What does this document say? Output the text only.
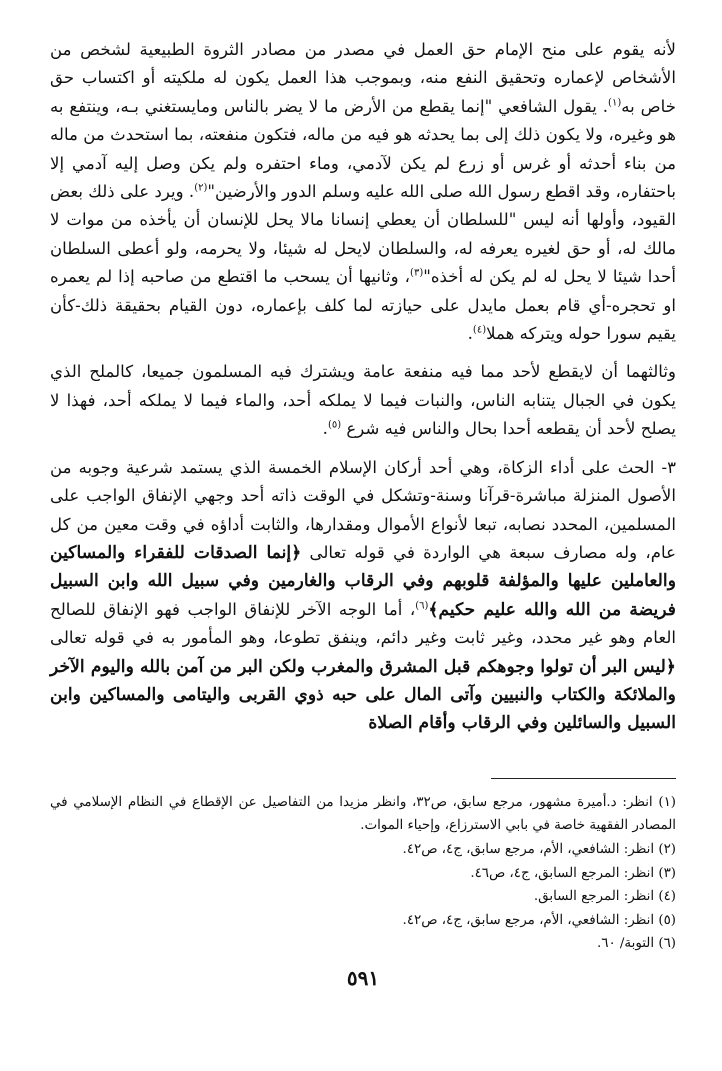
لأنه يقوم على منح الإمام حق العمل في مصدر من مصادر الثروة الطبيعية لشخص من الأشخاص لإعماره وتحقيق النفع منه، وبموجب هذا العمل يكون له ملكيته أو اكتساب حق خاص به$^{(١)}$. يقول الشافعي "إنما يقطع من الأرض ما لا يضر بالناس ومايستغني بـه، وينتفع به هو وغيره، ولا يكون ذلك إلى بما يحدثه هو فيه من ماله، فتكون منفعته، بما استحدث من ماله من بناء أحدثه أو غرس أو زرع لم يكن لآدمي، وماء احتفره ولم يكن وصل إليه آدمي إلا باحتفاره، وقد اقطع رسول الله صلى الله عليه وسلم الدور والأرضين"$^{(٢)}$. ويرد على ذلك بعض القيود، وأولها أنه ليس "للسلطان أن يعطي إنسانا مالا يحل للإنسان أن يأخذه من موات لا مالك له، أو حق لغيره يعرفه له، والسلطان لايحل له شيئا، ولا يحرمه، ولو أعطى السلطان أحدا شيئا لا يحل له لم يكن له أخذه"$^{(٣)}$، وثانيها أن يسحب ما اقتطع من صاحبه إذا لم يعمره او تحجره-أي قام بعمل مايدل على حيازته لما كلف بإعماره، دون القيام بحقيقة ذلك-كأن يقيم سورا حوله ويتركه هملا$^{(٤)}$.

وثالثهما أن لايقطع لأحد مما فيه منفعة عامة ويشترك فيه المسلمون جميعا، كالملح الذي يكون في الجبال يتنابه الناس، والنبات فيما لا يملكه أحد، والماء فيما لا يملكه أحد، فهذا لا يصلح لأحد أن يقطعه أحدا بحال والناس فيه شرع $^{(٥)}$.

٣- الحث على أداء الزكاة، وهي أحد أركان الإسلام الخمسة الذي يستمد شرعية وجوبه من الأصول المنزلة مباشرة-قرآنا وسنة-وتشكل في الوقت ذاته أحد وجهي الإنفاق الواجب على المسلمين، المحدد نصابه، تبعا لأنواع الأموال ومقدارها، والثابت أداؤه في وقت معين من كل عام، وله مصارف سبعة هي الواردة في قوله تعالى ﴿إنما الصدقات للفقراء والمساكين والعاملين عليها والمؤلفة قلوبهم وفي الرقاب والغارمين وفي سبيل الله وابن السبيل فريضة من الله والله عليم حكيم﴾$^{(٦)}$، أما الوجه الآخر للإنفاق الواجب فهو الإنفاق للصالح العام وهو غير محدد، وغير ثابت وغير دائم، وينفق تطوعا، وهو المأمور به في قوله تعالى ﴿ليس البر أن تولوا وجوهكم قبل المشرق والمغرب ولكن البر من آمن بالله واليوم الآخر والملائكة والكتاب والنبيين وآتى المال على حبه ذوي القربى واليتامى والمساكين وابن السبيل والسائلين وفي الرقاب وأقام الصلاة

(١) انظر: د.أميرة مشهور، مرجع سابق، ص٣٢، وانظر مزيدا من التفاصيل عن الإقطاع في النظام الإسلامي في المصادر الفقهية خاصة في بابي الاسترزاع، وإحياء الموات.
(٢) انظر: الشافعي، الأم، مرجع سابق، ج٤، ص٤٢.
(٣) انظر: المرجع السابق، ج٤، ص٤٦.
(٤) انظر: المرجع السابق.
(٥) انظر: الشافعي، الأم، مرجع سابق، ج٤، ص٤٢.
(٦) التوبة/ ٦٠.
٥٩١
